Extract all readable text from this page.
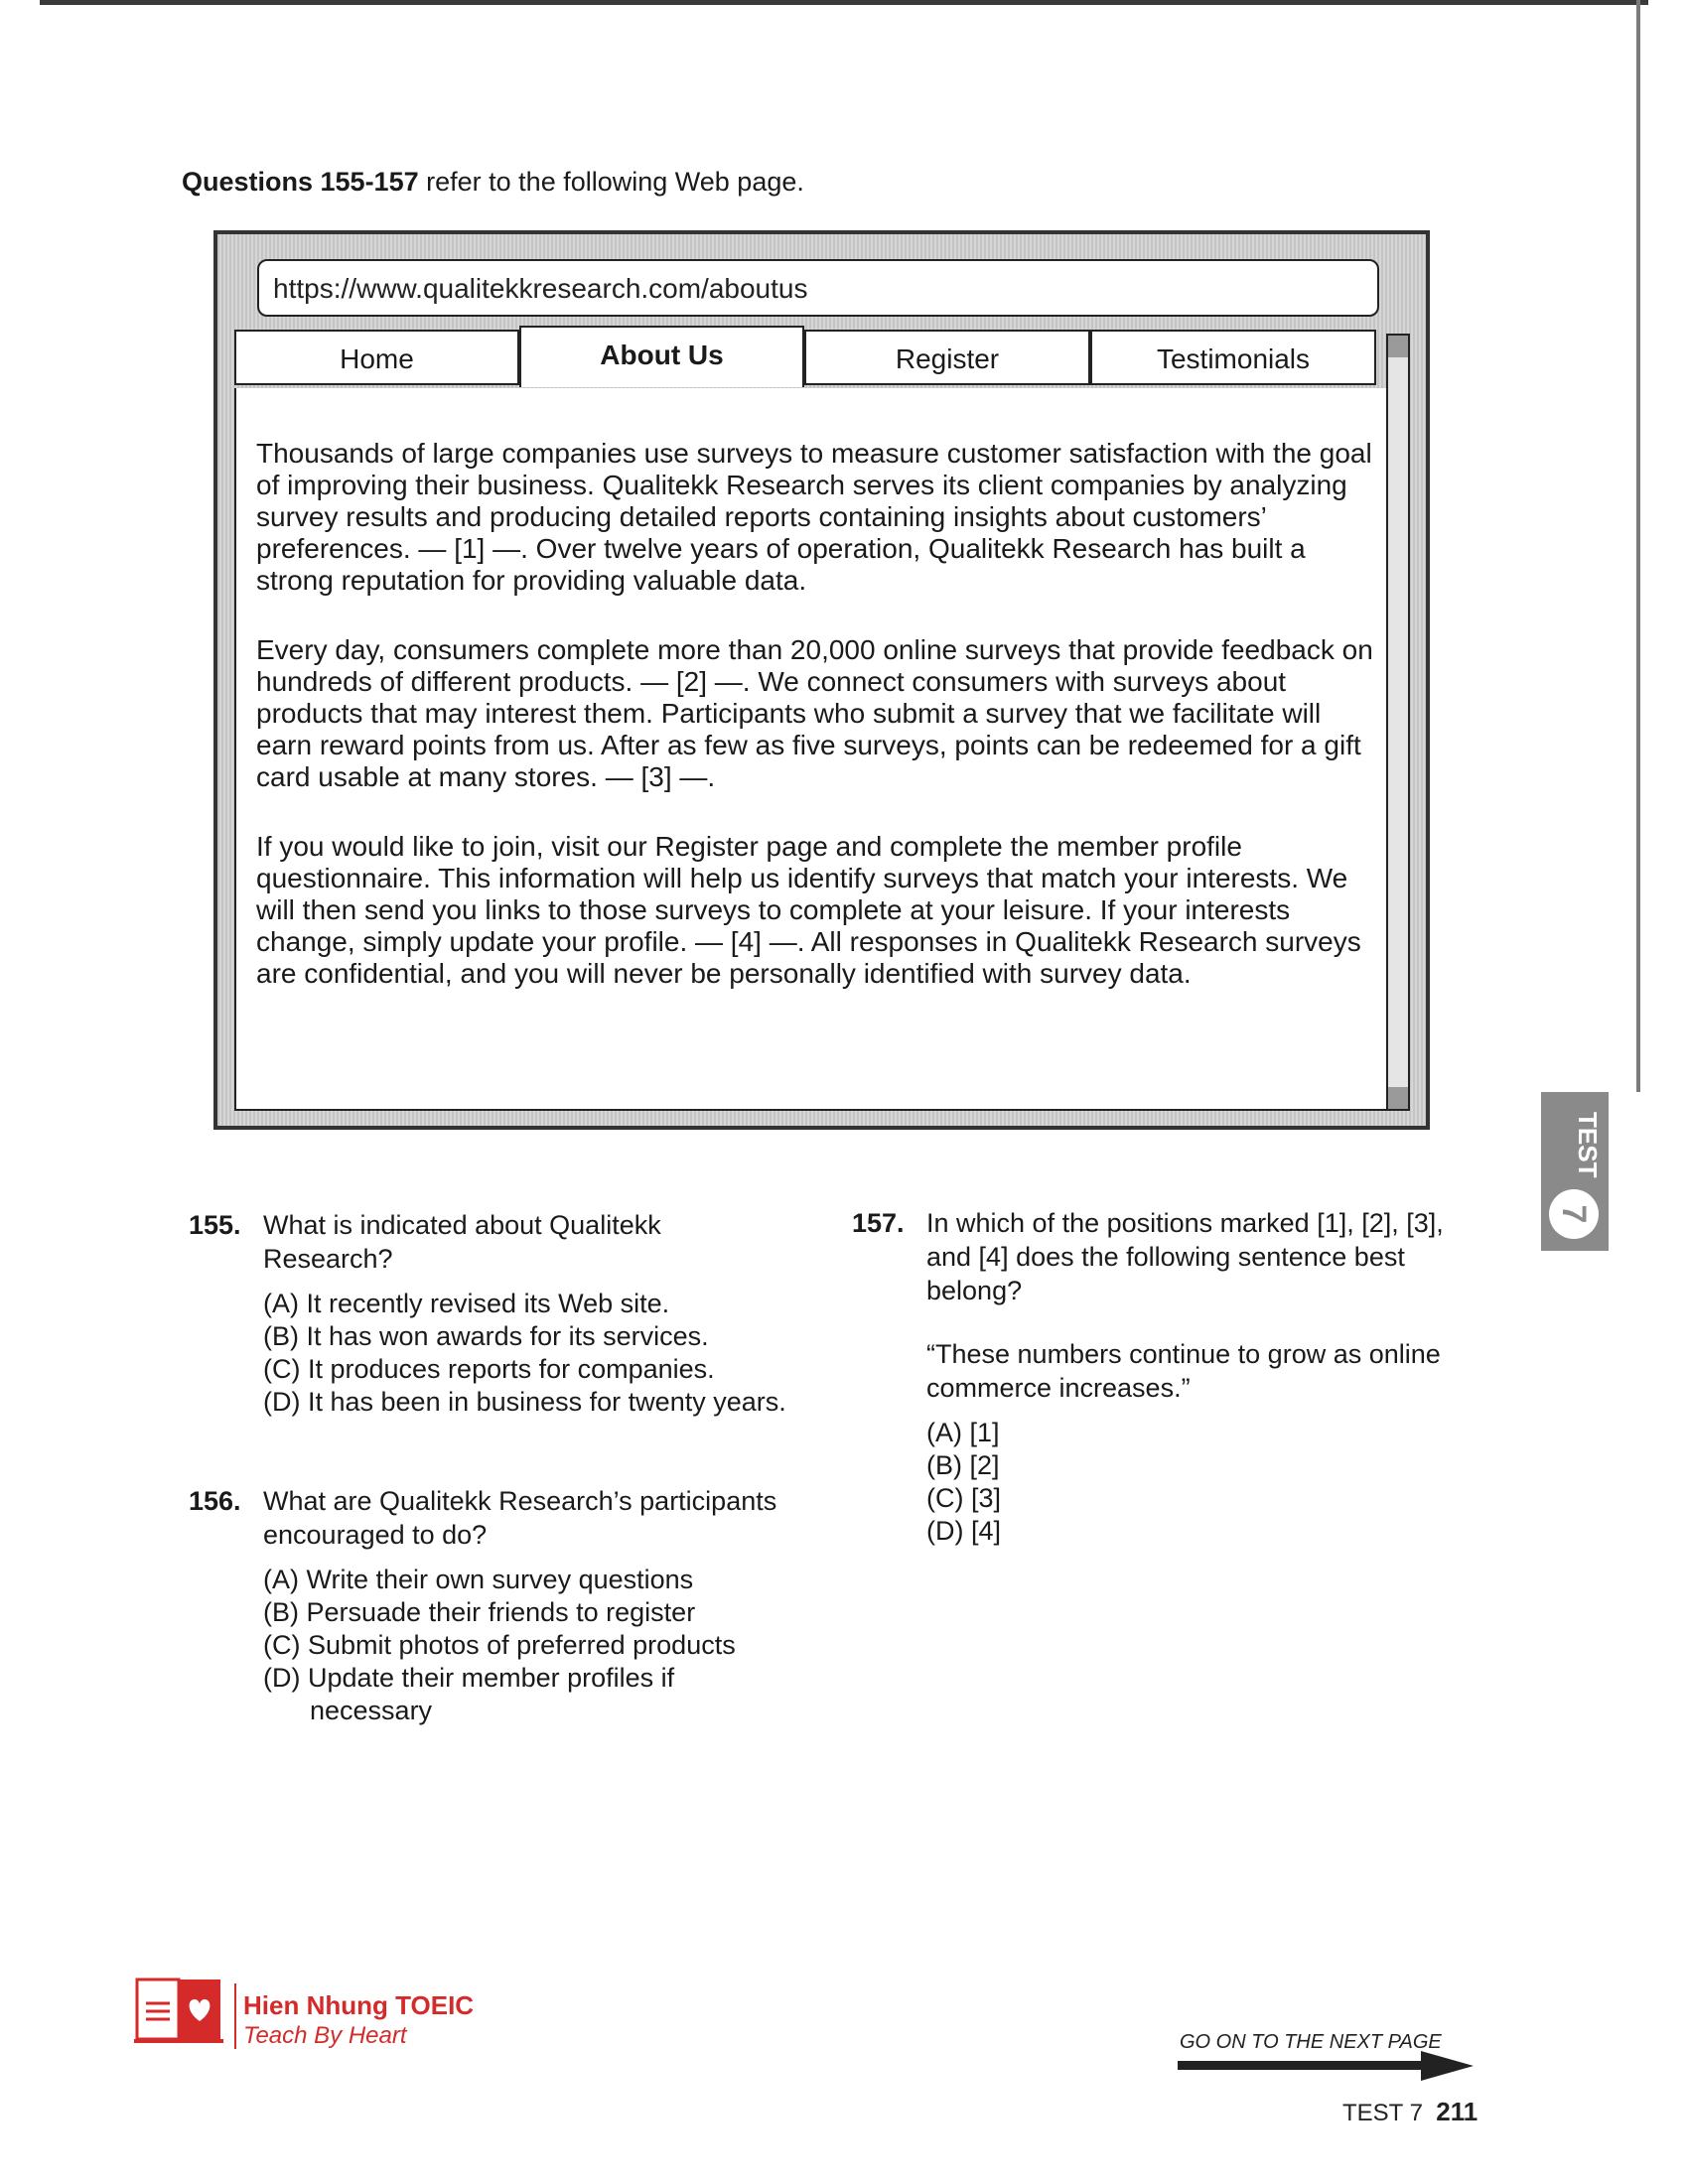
Questions 155-157 refer to the following Web page.
https://www.qualitekkresearch.com/aboutus
Home	About Us	Register	Testimonials
Thousands of large companies use surveys to measure customer satisfaction with the goal of improving their business. Qualitekk Research serves its client companies by analyzing survey results and producing detailed reports containing insights about customers’ preferences. — [1] —. Over twelve years of operation, Qualitekk Research has built a strong reputation for providing valuable data.
Every day, consumers complete more than 20,000 online surveys that provide feedback on hundreds of different products. — [2] —. We connect consumers with surveys about products that may interest them. Participants who submit a survey that we facilitate will earn reward points from us. After as few as five surveys, points can be redeemed for a gift card usable at many stores. — [3] —.
If you would like to join, visit our Register page and complete the member profile questionnaire. This information will help us identify surveys that match your interests. We will then send you links to those surveys to complete at your leisure. If your interests change, simply update your profile. — [4] —. All responses in Qualitekk Research surveys are confidential, and you will never be personally identified with survey data.
155. What is indicated about Qualitekk Research?
(A) It recently revised its Web site.
(B) It has won awards for its services.
(C) It produces reports for companies.
(D) It has been in business for twenty years.
156. What are Qualitekk Research’s participants encouraged to do?
(A) Write their own survey questions
(B) Persuade their friends to register
(C) Submit photos of preferred products
(D) Update their member profiles if necessary
157. In which of the positions marked [1], [2], [3], and [4] does the following sentence best belong?
“These numbers continue to grow as online commerce increases.”
(A) [1]
(B) [2]
(C) [3]
(D) [4]
TEST
7
Hien Nhung TOEIC
Teach By Heart	GO ON TO THE NEXT PAGE
TEST 7 211
